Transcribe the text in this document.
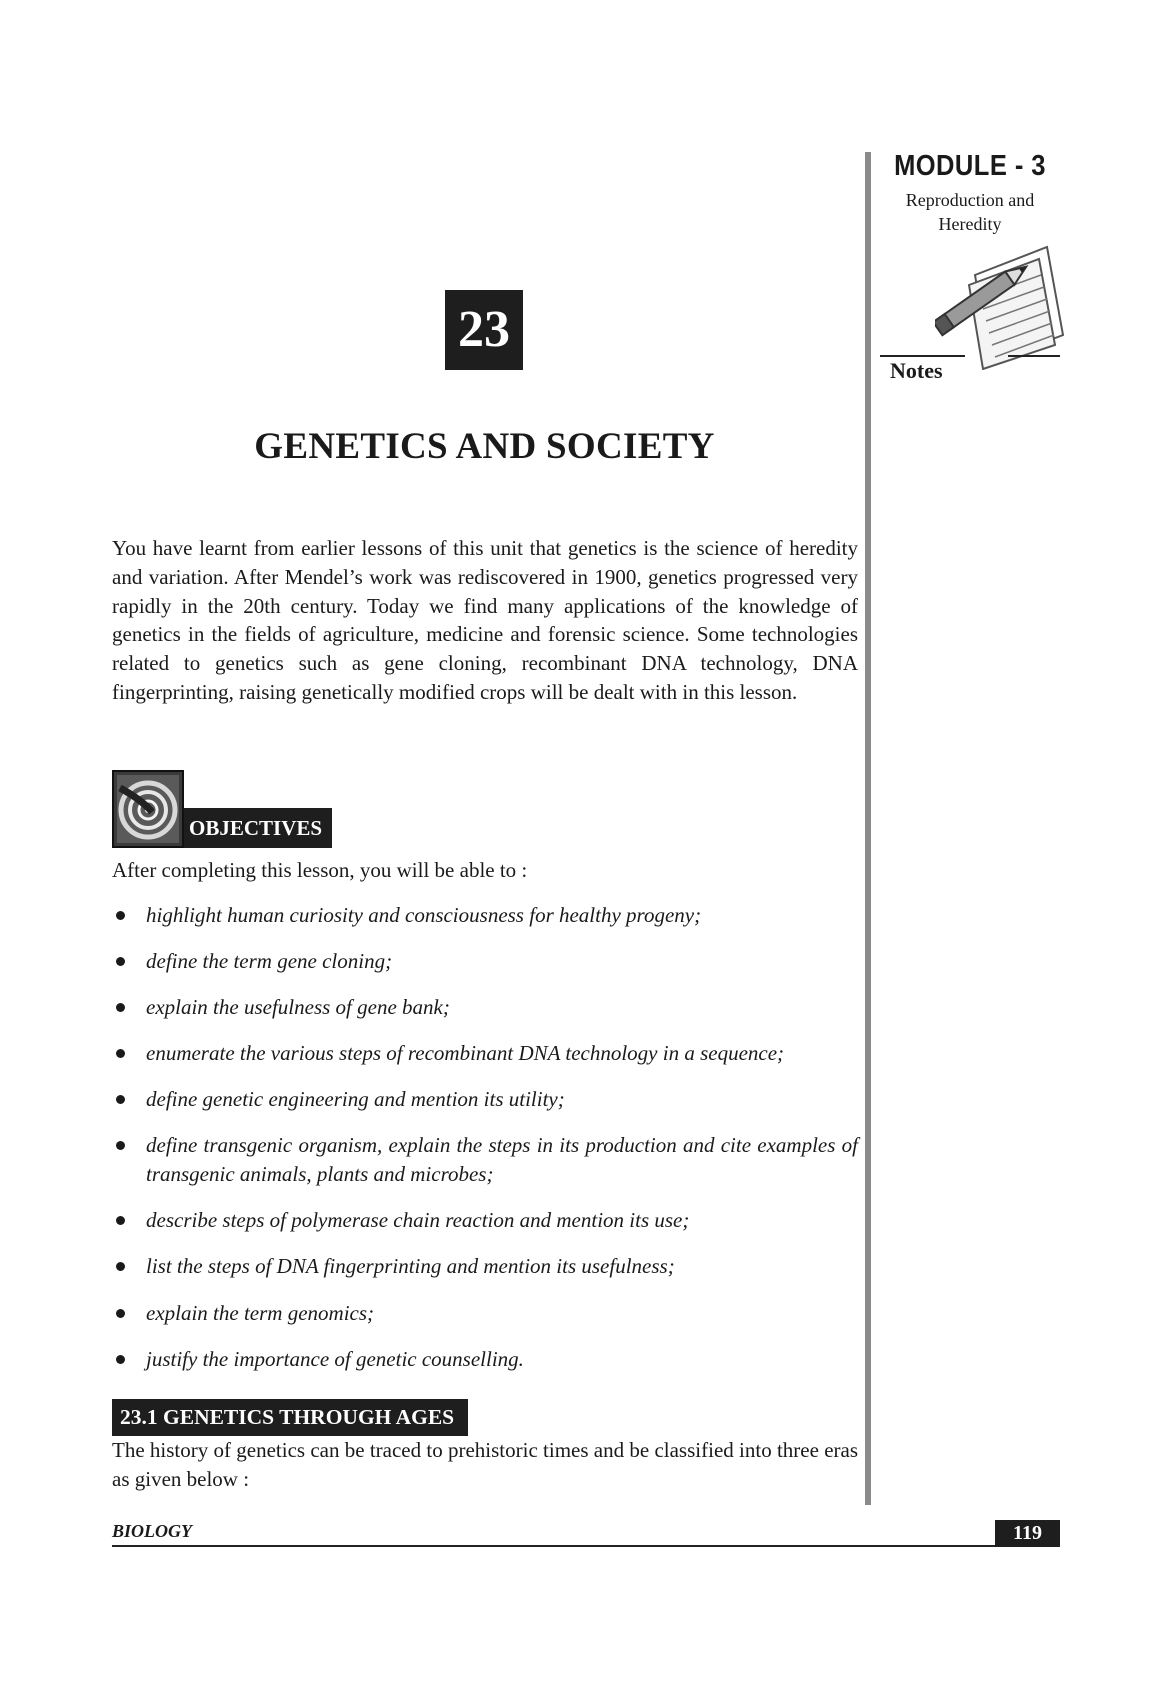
MODULE - 3
Reproduction and
Heredity
Notes
23
GENETICS AND SOCIETY

You have learnt from earlier lessons of this unit that genetics is the science of heredity and variation. After Mendel’s work was rediscovered in 1900, genetics progressed very rapidly in the 20th century. Today we find many applications of the knowledge of genetics in the fields of agriculture, medicine and forensic science. Some technologies related to genetics such as gene cloning, recombinant DNA technology, DNA fingerprinting, raising genetically modified crops will be dealt with in this lesson.

OBJECTIVES

After completing this lesson, you will be able to :

highlight human curiosity and consciousness for healthy progeny;
define the term gene cloning;
explain the usefulness of gene bank;
enumerate the various steps of recombinant DNA technology in a sequence;
define genetic engineering and mention its utility;
define transgenic organism, explain the steps in its production and cite examples of transgenic animals, plants and microbes;
describe steps of polymerase chain reaction and mention its use;
list the steps of DNA fingerprinting and mention its usefulness;
explain the term genomics;
justify the importance of genetic counselling.
23.1 GENETICS THROUGH AGES

The history of genetics can be traced to prehistoric times and be classified into three eras as given below :

BIOLOGY	119
